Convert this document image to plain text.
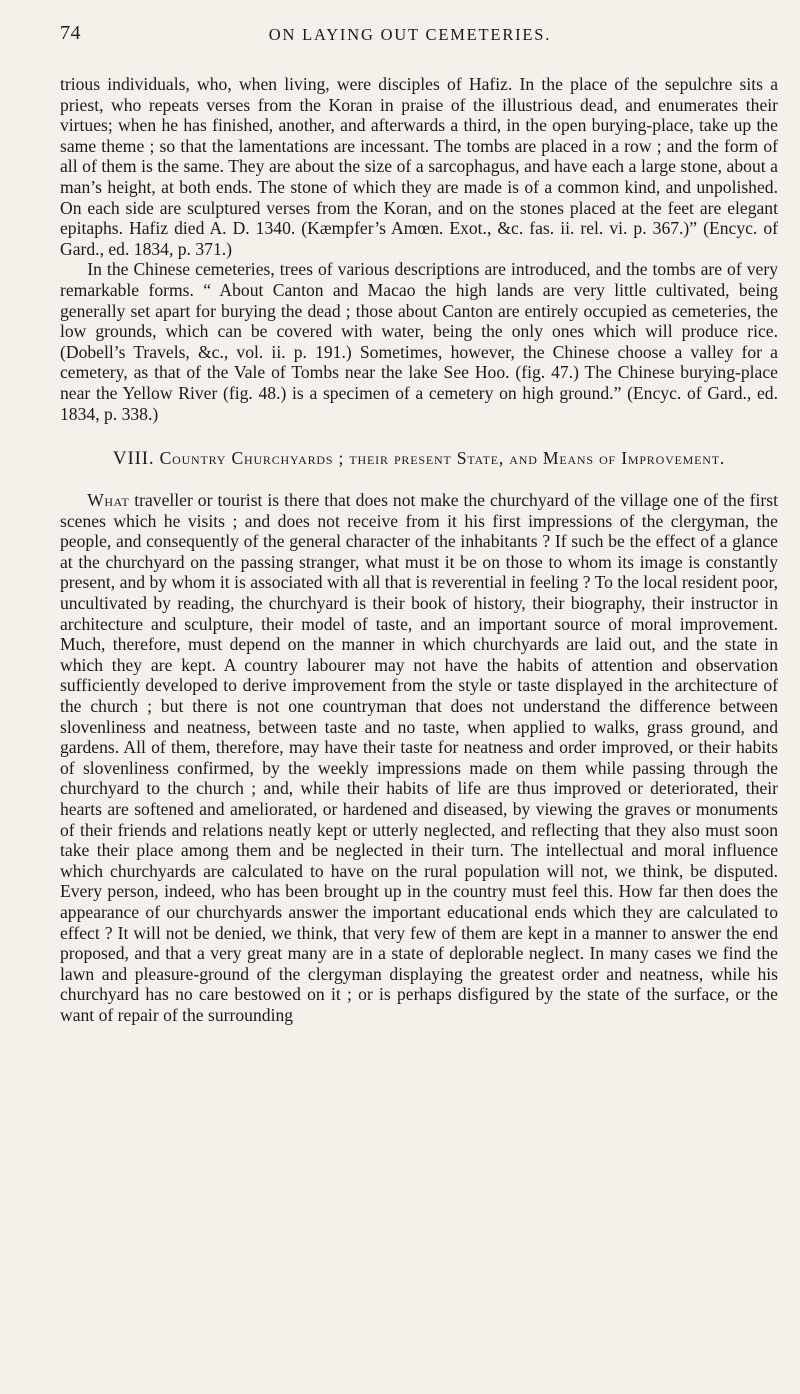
74	ON LAYING OUT CEMETERIES.

trious individuals, who, when living, were disciples of Hafiz. In the place of the sepulchre sits a priest, who repeats verses from the Koran in praise of the illustrious dead, and enumerates their virtues; when he has finished, another, and afterwards a third, in the open burying-place, take up the same theme ; so that the lamentations are incessant. The tombs are placed in a row ; and the form of all of them is the same. They are about the size of a sarcophagus, and have each a large stone, about a man’s height, at both ends. The stone of which they are made is of a common kind, and unpolished. On each side are sculptured verses from the Koran, and on the stones placed at the feet are elegant epitaphs. Hafiz died A. D. 1340. (Kæmpfer’s Amœn. Exot., &c. fas. ii. rel. vi. p. 367.)” (Encyc. of Gard., ed. 1834, p. 371.)

In the Chinese cemeteries, trees of various descriptions are introduced, and the tombs are of very remarkable forms. “ About Canton and Macao the high lands are very little cultivated, being generally set apart for burying the dead ; those about Canton are entirely occupied as cemeteries, the low grounds, which can be covered with water, being the only ones which will produce rice. (Dobell’s Travels, &c., vol. ii. p. 191.) Sometimes, however, the Chinese choose a valley for a cemetery, as that of the Vale of Tombs near the lake See Hoo. (fig. 47.) The Chinese burying-place near the Yellow River (fig. 48.) is a specimen of a cemetery on high ground.” (Encyc. of Gard., ed. 1834, p. 338.)

VIII. Country Churchyards ; their present State, and Means of Improvement.

What traveller or tourist is there that does not make the churchyard of the village one of the first scenes which he visits ; and does not receive from it his first impressions of the clergyman, the people, and consequently of the general character of the inhabitants ? If such be the effect of a glance at the churchyard on the passing stranger, what must it be on those to whom its image is constantly present, and by whom it is associated with all that is reverential in feeling ? To the local resident poor, uncultivated by reading, the churchyard is their book of history, their biography, their instructor in architecture and sculpture, their model of taste, and an important source of moral improvement. Much, therefore, must depend on the manner in which churchyards are laid out, and the state in which they are kept. A country labourer may not have the habits of attention and observation sufficiently developed to derive improvement from the style or taste displayed in the architecture of the church ; but there is not one countryman that does not understand the difference between slovenliness and neatness, between taste and no taste, when applied to walks, grass ground, and gardens. All of them, therefore, may have their taste for neatness and order improved, or their habits of slovenliness confirmed, by the weekly impressions made on them while passing through the churchyard to the church ; and, while their habits of life are thus improved or deteriorated, their hearts are softened and ameliorated, or hardened and diseased, by viewing the graves or monuments of their friends and relations neatly kept or utterly neglected, and reflecting that they also must soon take their place among them and be neglected in their turn. The intellectual and moral influence which churchyards are calculated to have on the rural population will not, we think, be disputed. Every person, indeed, who has been brought up in the country must feel this. How far then does the appearance of our churchyards answer the important educational ends which they are calculated to effect ? It will not be denied, we think, that very few of them are kept in a manner to answer the end proposed, and that a very great many are in a state of deplorable neglect. In many cases we find the lawn and pleasure-ground of the clergyman displaying the greatest order and neatness, while his churchyard has no care bestowed on it ; or is perhaps disfigured by the state of the surface, or the want of repair of the surrounding
